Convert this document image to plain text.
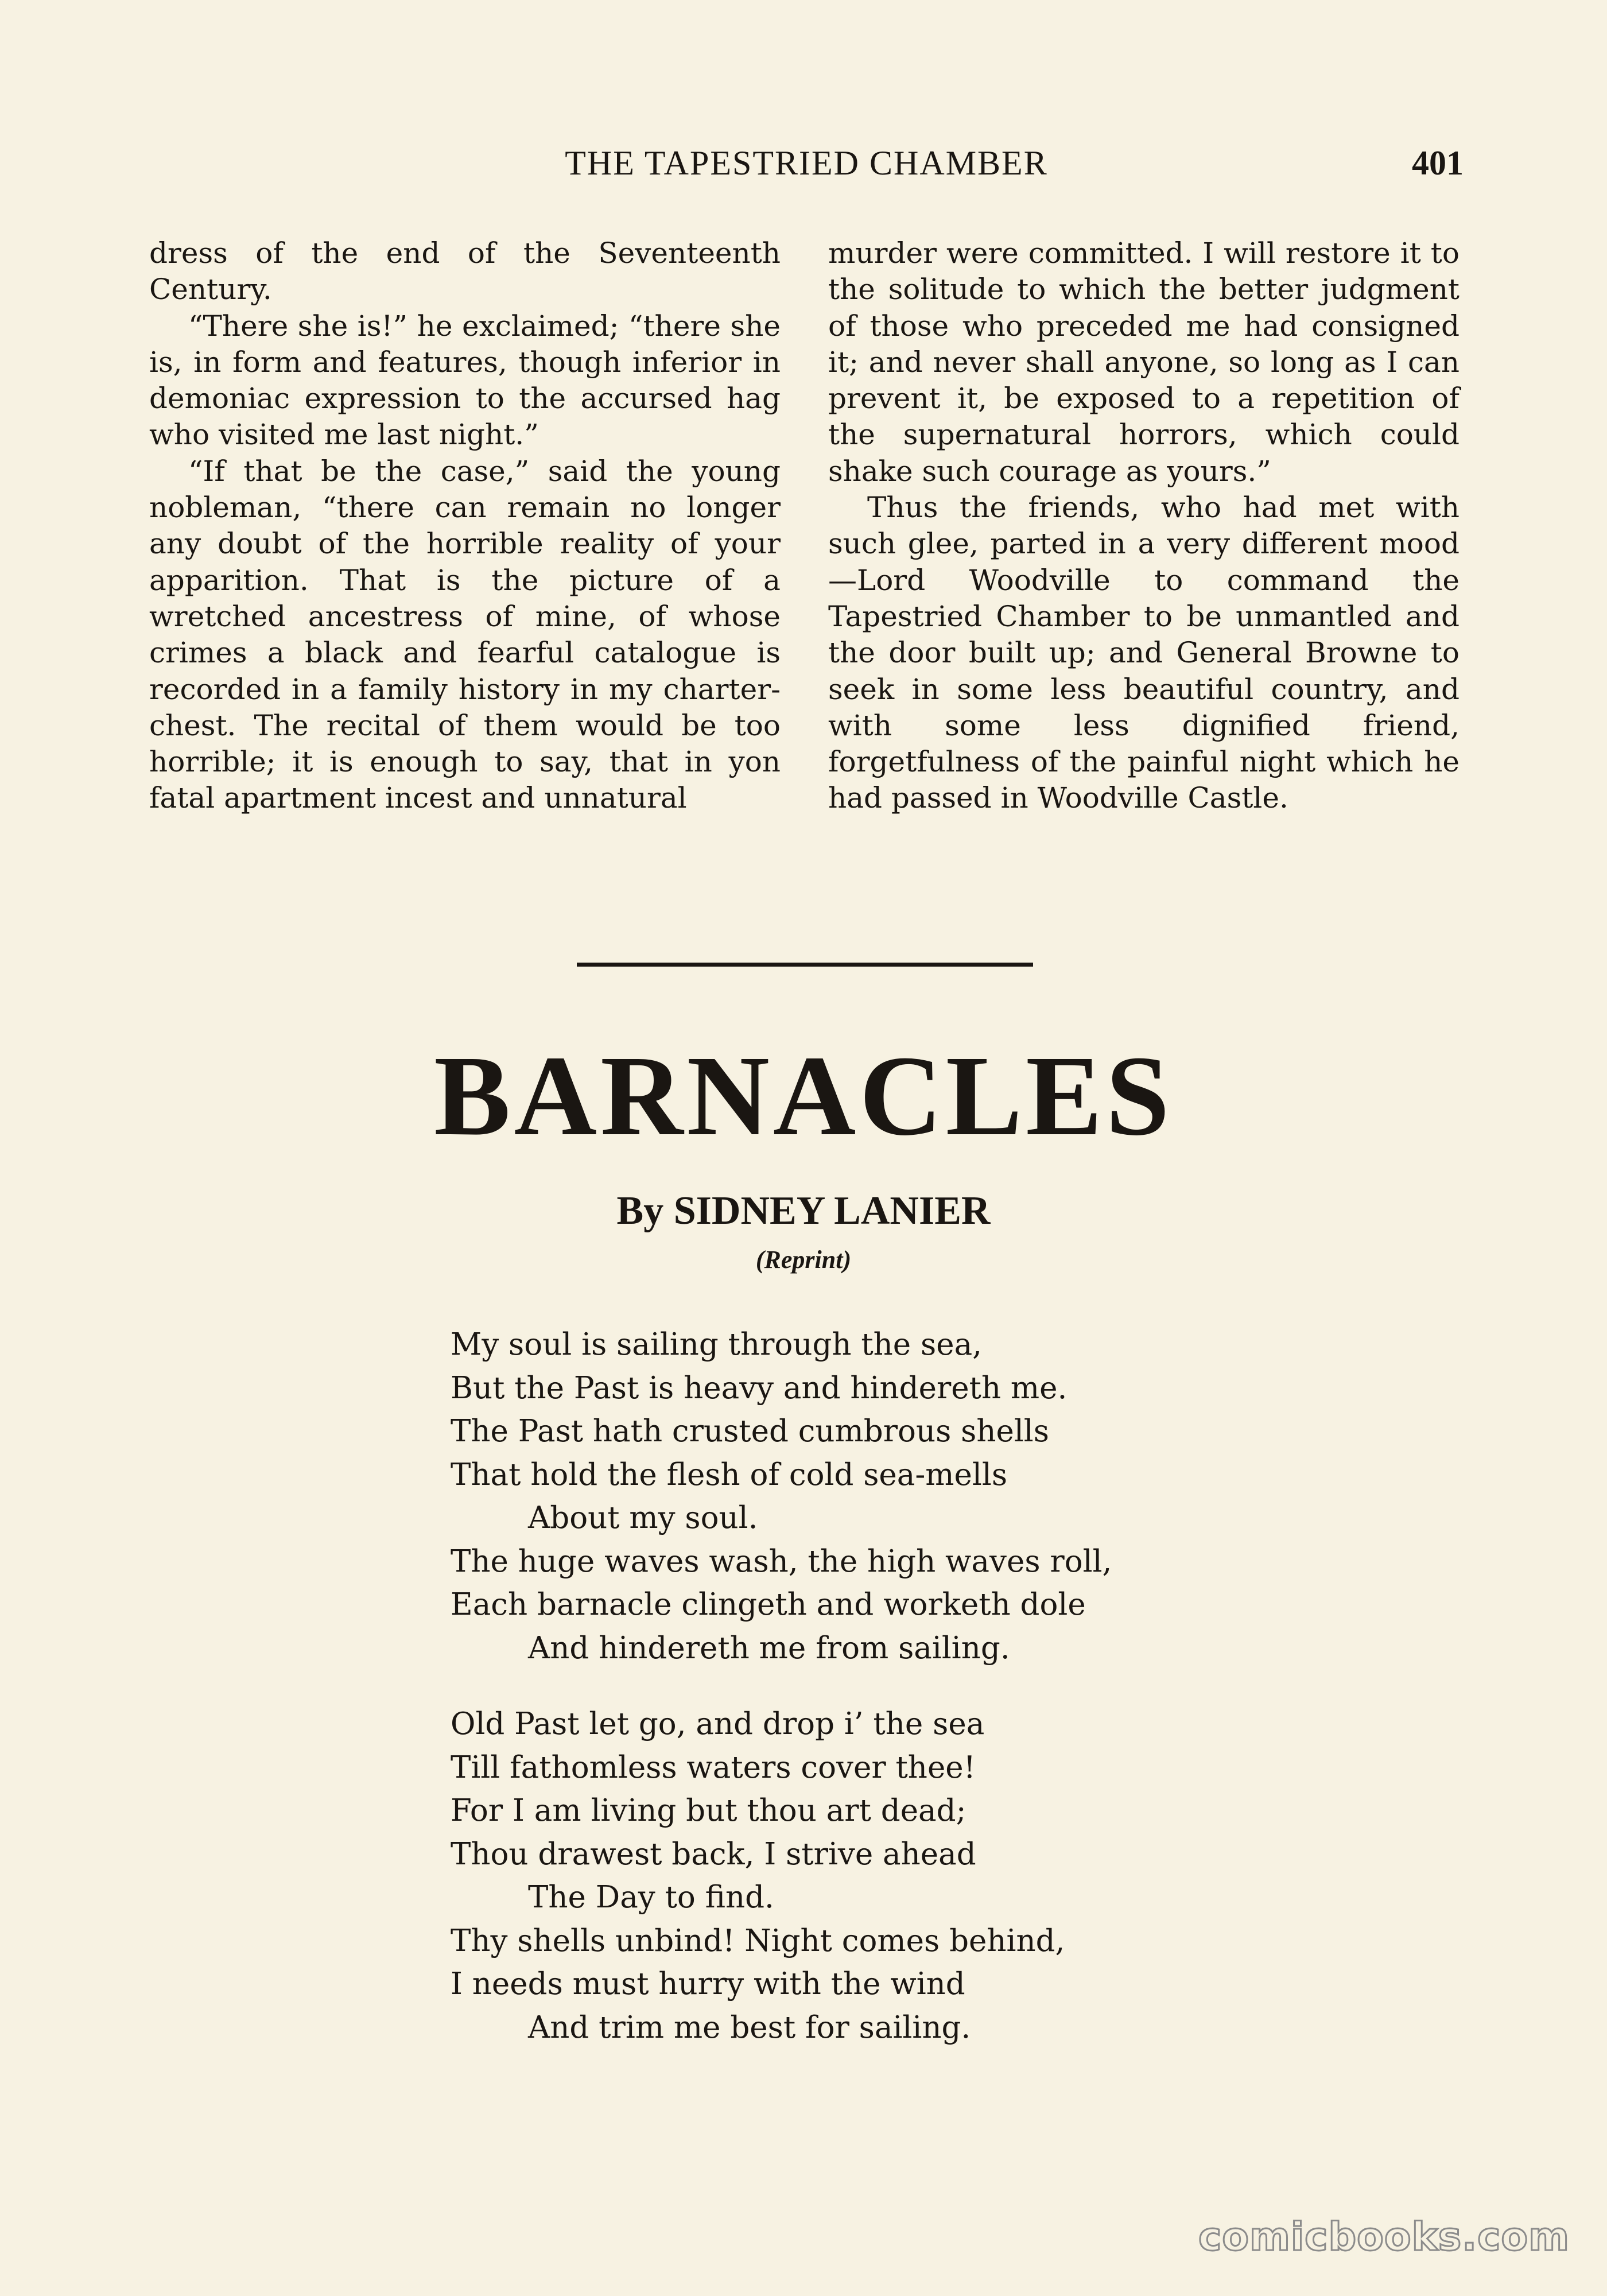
THE TAPESTRIED CHAMBER	401

dress of the end of the Seventeenth Century.

“There she is!” he exclaimed; “there she is, in form and features, though inferior in demoniac expression to the accursed hag who visited me last night.”

“If that be the case,” said the young nobleman, “there can remain no longer any doubt of the horrible reality of your apparition. That is the picture of a wretched ancestress of mine, of whose crimes a black and fearful catalogue is recorded in a family history in my charter-chest. The recital of them would be too horrible; it is enough to say, that in yon fatal apartment incest and unnatural

murder were committed. I will restore it to the solitude to which the better judgment of those who preceded me had consigned it; and never shall anyone, so long as I can prevent it, be exposed to a repetition of the supernatural horrors, which could shake such courage as yours.”

Thus the friends, who had met with such glee, parted in a very different mood—Lord Woodville to command the Tapestried Chamber to be unmantled and the door built up; and General Browne to seek in some less beautiful country, and with some less dignified friend, forgetfulness of the painful night which he had passed in Woodville Castle.

BARNACLES
By SIDNEY LANIER
(Reprint)
My soul is sailing through the sea,
But the Past is heavy and hindereth me.
The Past hath crusted cumbrous shells
That hold the flesh of cold sea-mells
About my soul.
The huge waves wash, the high waves roll,
Each barnacle clingeth and worketh dole
And hindereth me from sailing.
Old Past let go, and drop i’ the sea
Till fathomless waters cover thee!
For I am living but thou art dead;
Thou drawest back, I strive ahead
The Day to find.
Thy shells unbind! Night comes behind,
I needs must hurry with the wind
And trim me best for sailing.
comicbooks.com
